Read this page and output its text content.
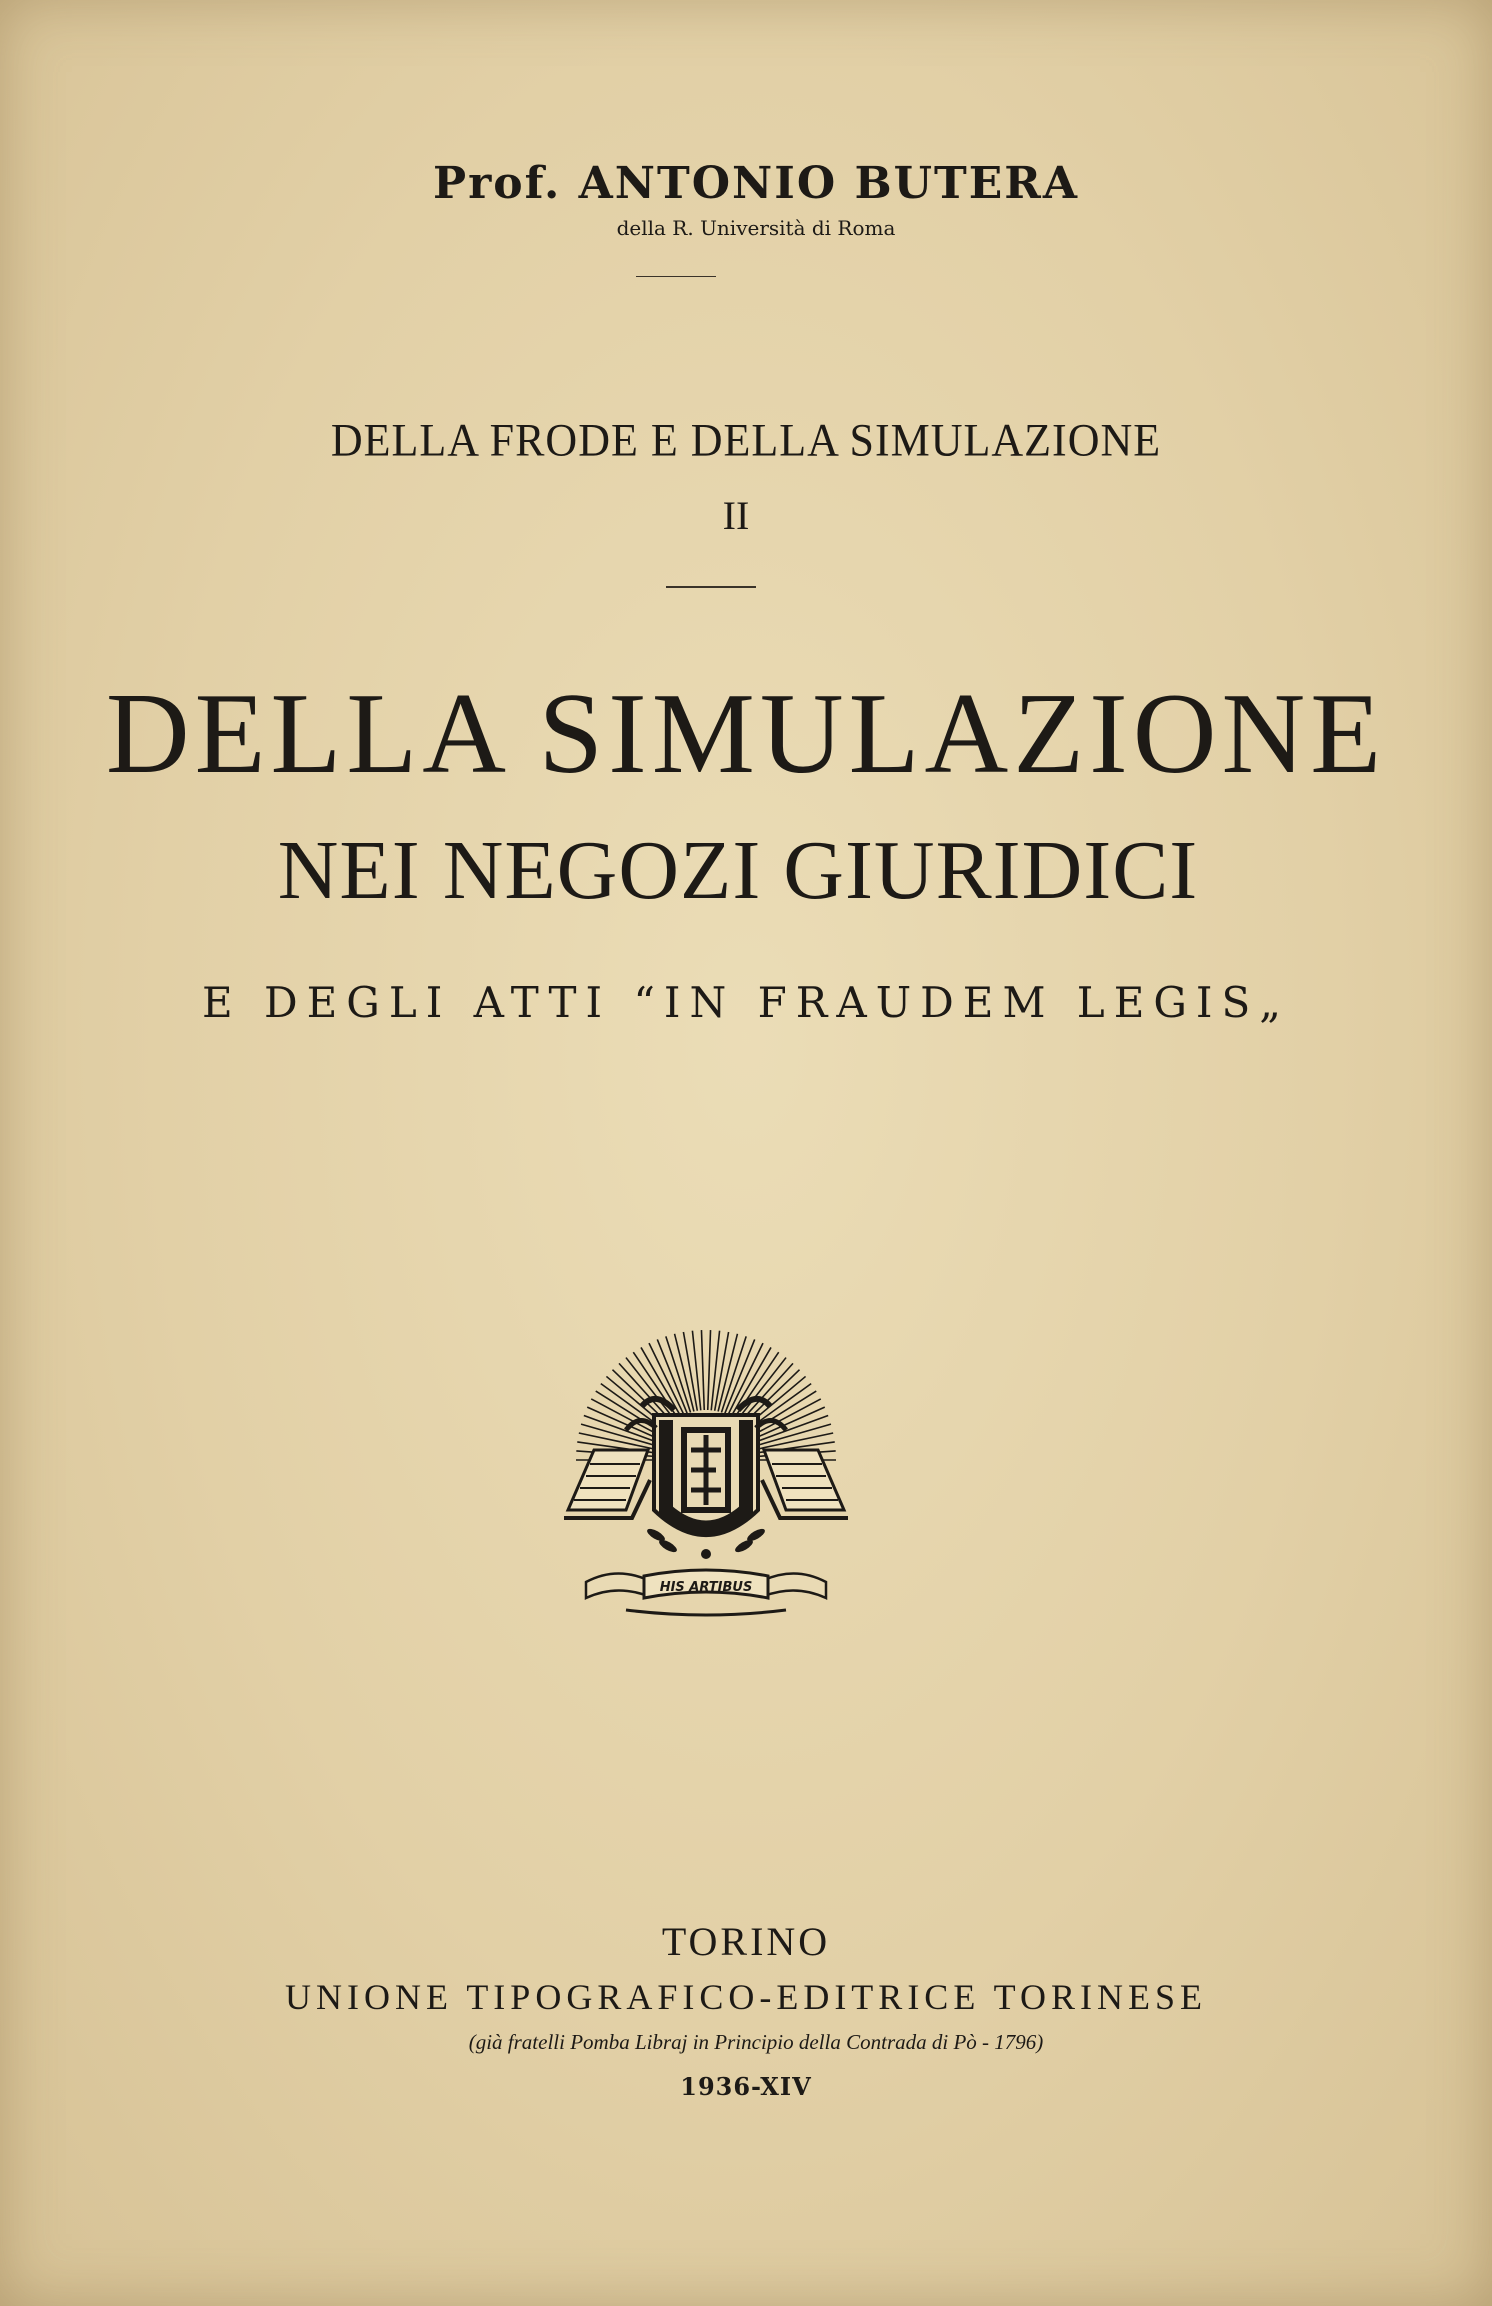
Prof. ANTONIO BUTERA
della R. Università di Roma
DELLA FRODE E DELLA SIMULAZIONE
II
DELLA SIMULAZIONE
NEI NEGOZI GIURIDICI
E DEGLI ATTI “IN FRAUDEM LEGIS„
HIS ARTIBUS
TORINO
UNIONE TIPOGRAFICO-EDITRICE TORINESE
(già fratelli Pomba Libraj in Principio della Contrada di Pò - 1796)
1936-XIV
